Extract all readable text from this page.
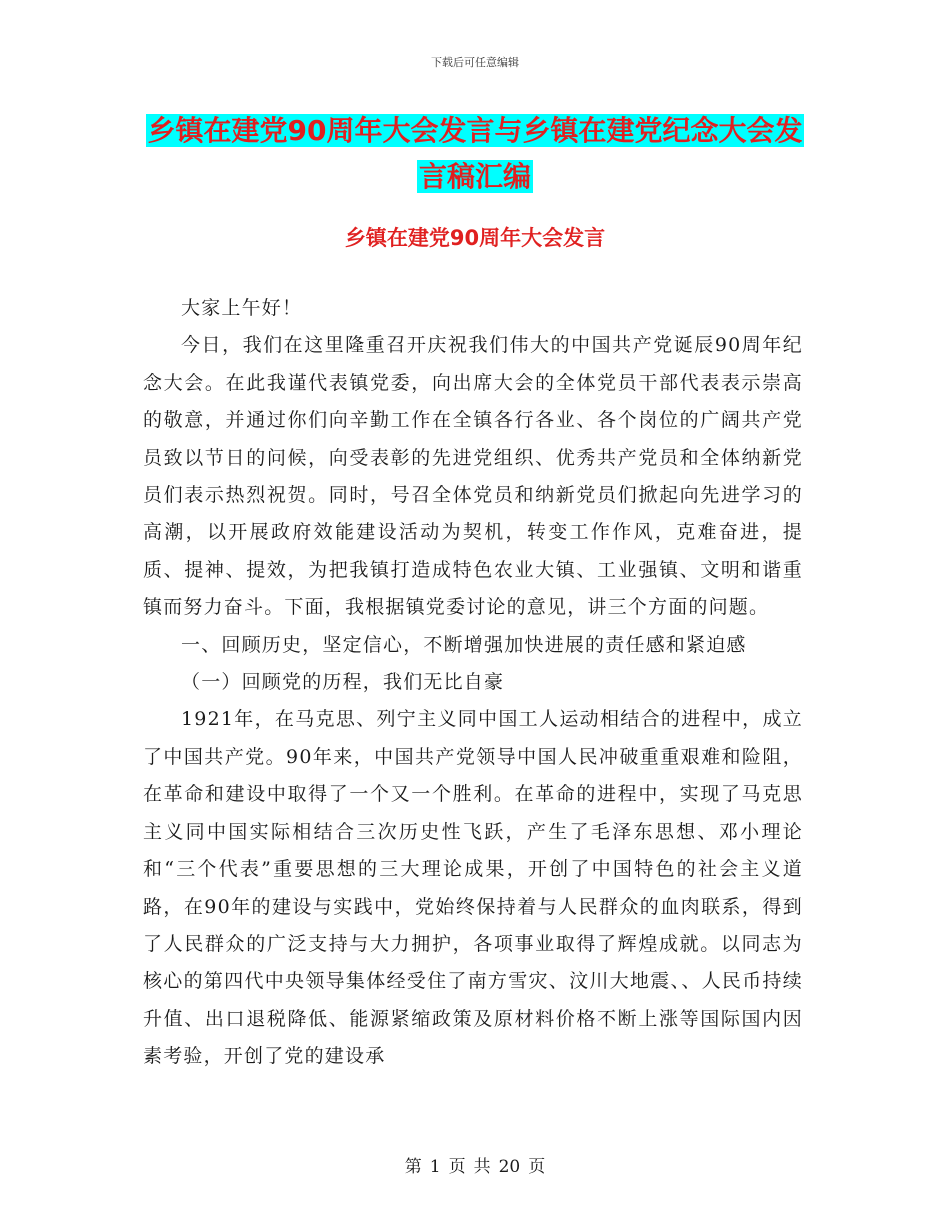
下载后可任意编辑
乡镇在建党90周年大会发言与乡镇在建党纪念大会发
言稿汇编
乡镇在建党90周年大会发言

大家上午好！

今日，我们在这里隆重召开庆祝我们伟大的中国共产党诞辰90周年纪念大会。在此我谨代表镇党委，向出席大会的全体党员干部代表表示崇高的敬意，并通过你们向辛勤工作在全镇各行各业、各个岗位的广阔共产党员致以节日的问候，向受表彰的先进党组织、优秀共产党员和全体纳新党员们表示热烈祝贺。同时，号召全体党员和纳新党员们掀起向先进学习的高潮，以开展政府效能建设活动为契机，转变工作作风，克难奋进，提质、提神、提效，为把我镇打造成特色农业大镇、工业强镇、文明和谐重镇而努力奋斗。下面，我根据镇党委讨论的意见，讲三个方面的问题。

一、回顾历史，坚定信心，不断增强加快进展的责任感和紧迫感

（一）回顾党的历程，我们无比自豪

1921年，在马克思、列宁主义同中国工人运动相结合的进程中，成立了中国共产党。90年来，中国共产党领导中国人民冲破重重艰难和险阻，在革命和建设中取得了一个又一个胜利。在革命的进程中，实现了马克思主义同中国实际相结合三次历史性飞跃，产生了毛泽东思想、邓小理论和“三个代表”重要思想的三大理论成果，开创了中国特色的社会主义道路，在90年的建设与实践中，党始终保持着与人民群众的血肉联系，得到了人民群众的广泛支持与大力拥护，各项事业取得了辉煌成就。以同志为核心的第四代中央领导集体经受住了南方雪灾、汶川大地震、、人民币持续升值、出口退税降低、能源紧缩政策及原材料价格不断上涨等国际国内因素考验，开创了党的建设承

第 1 页 共 20 页
